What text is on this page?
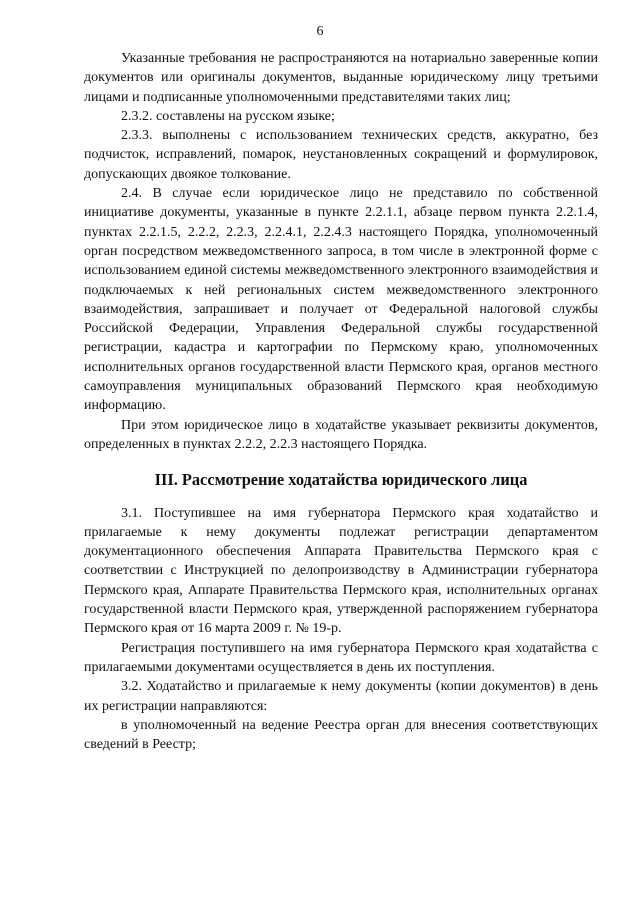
6

Указанные требования не распространяются на нотариально заверенные копии документов или оригиналы документов, выданные юридическому лицу третьими лицами и подписанные уполномоченными представителями таких лиц;

2.3.2. составлены на русском языке;

2.3.3. выполнены с использованием технических средств, аккуратно, без подчисток, исправлений, помарок, неустановленных сокращений и формулировок, допускающих двоякое толкование.

2.4. В случае если юридическое лицо не представило по собственной инициативе документы, указанные в пункте 2.2.1.1, абзаце первом пункта 2.2.1.4, пунктах 2.2.1.5, 2.2.2, 2.2.3, 2.2.4.1, 2.2.4.3 настоящего Порядка, уполномоченный орган посредством межведомственного запроса, в том числе в электронной форме с использованием единой системы межведомственного электронного взаимодействия и подключаемых к ней региональных систем межведомственного электронного взаимодействия, запрашивает и получает от Федеральной налоговой службы Российской Федерации, Управления Федеральной службы государственной регистрации, кадастра и картографии по Пермскому краю, уполномоченных исполнительных органов государственной власти Пермского края, органов местного самоуправления муниципальных образований Пермского края необходимую информацию.

При этом юридическое лицо в ходатайстве указывает реквизиты документов, определенных в пунктах 2.2.2, 2.2.3 настоящего Порядка.

III. Рассмотрение ходатайства юридического лица

3.1. Поступившее на имя губернатора Пермского края ходатайство и прилагаемые к нему документы подлежат регистрации департаментом документационного обеспечения Аппарата Правительства Пермского края с соответствии с Инструкцией по делопроизводству в Администрации губернатора Пермского края, Аппарате Правительства Пермского края, исполнительных органах государственной власти Пермского края, утвержденной распоряжением губернатора Пермского края от 16 марта 2009 г. № 19-р.

Регистрация поступившего на имя губернатора Пермского края ходатайства с прилагаемыми документами осуществляется в день их поступления.

3.2. Ходатайство и прилагаемые к нему документы (копии документов) в день их регистрации направляются:

в уполномоченный на ведение Реестра орган для внесения соответствующих сведений в Реестр;
